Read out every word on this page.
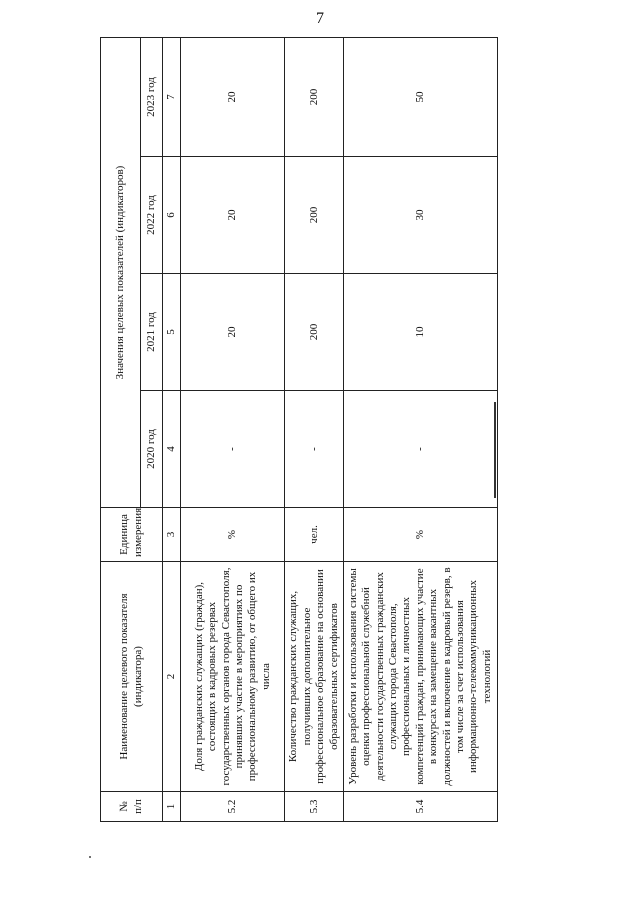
7
№ п/п	Наименование целевого показателя (индикатора)	Единица измерения	Значения целевых показателей (индикаторов)			
			2020 год	2021 год	2022 год	2023 год
1	2	3	4	5	6	7
5.2	Доля гражданских служащих (граждан), состоящих в кадровых резервах государственных органов города Севастополя, принявших участие в мероприятиях по профессиональному развитию, от общего их числа	%	-	20	20	20
5.3	Количество гражданских служащих, получивших дополнительное профессиональное образование на основании образовательных сертификатов	чел.	-	200	200	200
5.4	Уровень разработки и использования системы оценки профессиональной служебной деятельности государственных гражданских служащих города Севастополя, профессиональных и личностных компетенций граждан, принимающих участие в конкурсах на замещение вакантных должностей и включение в кадровый резерв, в том числе за счет использования информационно-телекоммуникационных технологий	%	-	10	30	50
